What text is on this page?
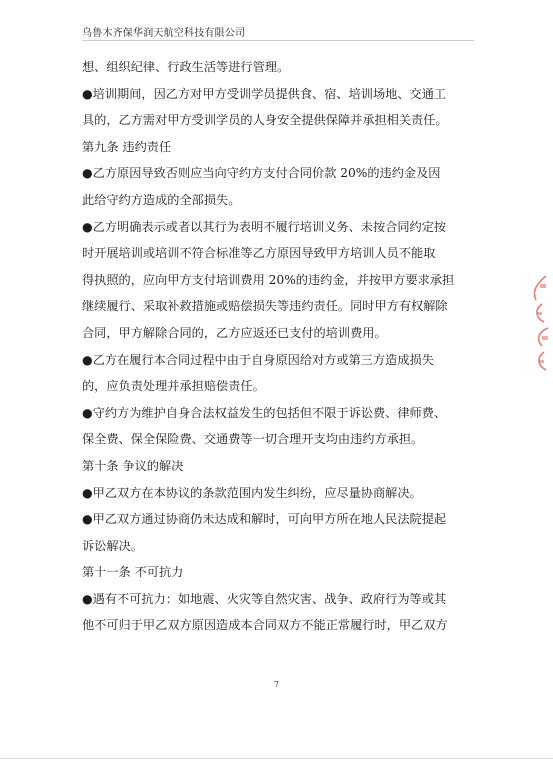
乌鲁木齐保华润天航空科技有限公司
想、组织纪律、行政生活等进行管理。
●培训期间，因乙方对甲方受训学员提供食、宿、培训场地、交通工
具的，乙方需对甲方受训学员的人身安全提供保障并承担相关责任。
第九条 违约责任
●乙方原因导致否则应当向守约方支付合同价款 20%的违约金及因
此给守约方造成的全部损失。
●乙方明确表示或者以其行为表明不履行培训义务、未按合同约定按
时开展培训或培训不符合标准等乙方原因导致甲方培训人员不能取
得执照的，应向甲方支付培训费用 20%的违约金，并按甲方要求承担
继续履行、采取补救措施或赔偿损失等违约责任。同时甲方有权解除
合同，甲方解除合同的，乙方应返还已支付的培训费用。
●乙方在履行本合同过程中由于自身原因给对方或第三方造成损失
的，应负责处理并承担赔偿责任。
●守约方为维护自身合法权益发生的包括但不限于诉讼费、律师费、
保全费、保全保险费、交通费等一切合理开支均由违约方承担。
第十条 争议的解决
●甲乙双方在本协议的条款范围内发生纠纷，应尽量协商解决。
●甲乙双方通过协商仍未达成和解时，可向甲方所在地人民法院提起
诉讼解决。
第十一条 不可抗力
●遇有不可抗力：如地震、火灾等自然灾害、战争、政府行为等或其
他不可归于甲乙双方原因造成本合同双方不能正常履行时，甲乙双方
7
